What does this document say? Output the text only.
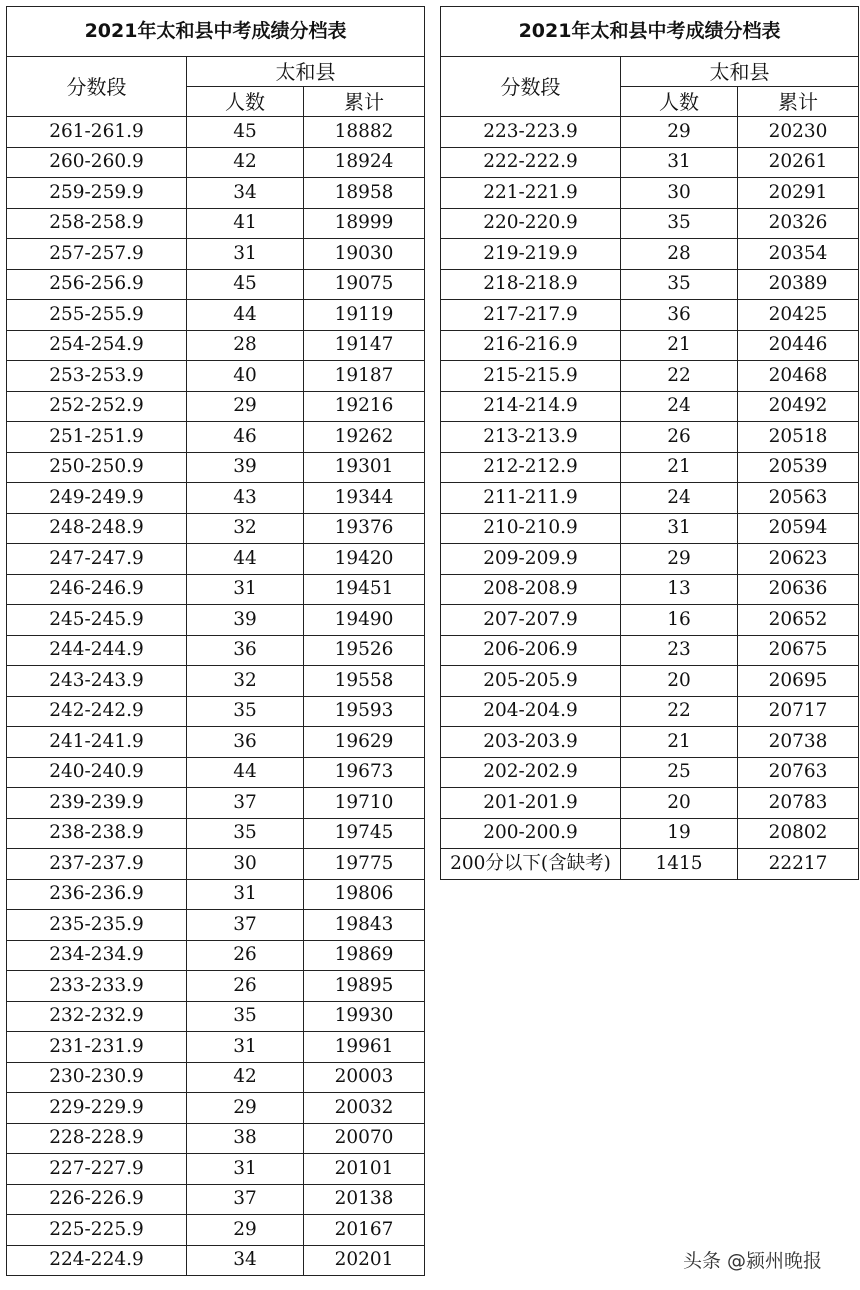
2021年太和县中考成绩分档表		
分数段	太和县	
	人数	累计
261-261.9	45	18882
260-260.9	42	18924
259-259.9	34	18958
258-258.9	41	18999
257-257.9	31	19030
256-256.9	45	19075
255-255.9	44	19119
254-254.9	28	19147
253-253.9	40	19187
252-252.9	29	19216
251-251.9	46	19262
250-250.9	39	19301
249-249.9	43	19344
248-248.9	32	19376
247-247.9	44	19420
246-246.9	31	19451
245-245.9	39	19490
244-244.9	36	19526
243-243.9	32	19558
242-242.9	35	19593
241-241.9	36	19629
240-240.9	44	19673
239-239.9	37	19710
238-238.9	35	19745
237-237.9	30	19775
236-236.9	31	19806
235-235.9	37	19843
234-234.9	26	19869
233-233.9	26	19895
232-232.9	35	19930
231-231.9	31	19961
230-230.9	42	20003
229-229.9	29	20032
228-228.9	38	20070
227-227.9	31	20101
226-226.9	37	20138
225-225.9	29	20167
224-224.9	34	20201
2021年太和县中考成绩分档表		
分数段	太和县	
	人数	累计
223-223.9	29	20230
222-222.9	31	20261
221-221.9	30	20291
220-220.9	35	20326
219-219.9	28	20354
218-218.9	35	20389
217-217.9	36	20425
216-216.9	21	20446
215-215.9	22	20468
214-214.9	24	20492
213-213.9	26	20518
212-212.9	21	20539
211-211.9	24	20563
210-210.9	31	20594
209-209.9	29	20623
208-208.9	13	20636
207-207.9	16	20652
206-206.9	23	20675
205-205.9	20	20695
204-204.9	22	20717
203-203.9	21	20738
202-202.9	25	20763
201-201.9	20	20783
200-200.9	19	20802
200分以下(含缺考)	1415	22217
头条 @颍州晚报
